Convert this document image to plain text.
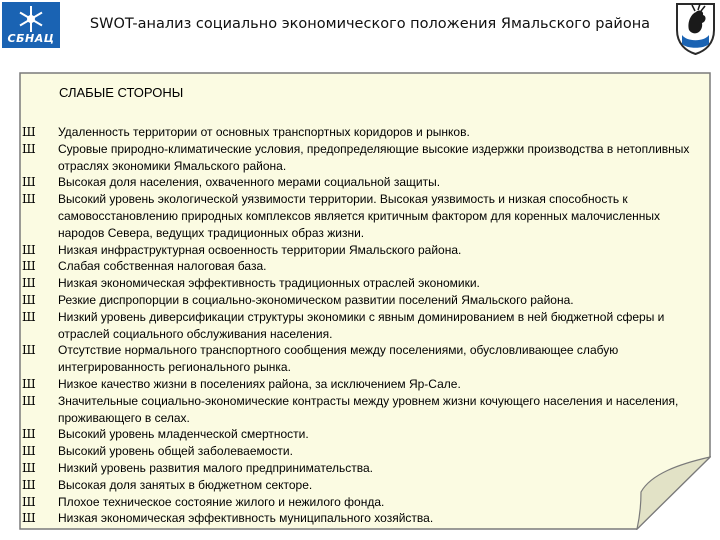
СБНАЦ
SWOT-анализ социально экономического положения Ямальского района
СЛАБЫЕ СТОРОНЫ
Ш Удаленность территории от основных транспортных коридоров и рынков.
Ш Суровые природно-климатические условия, предопределяющие высокие издержки производства в нетопливных отраслях экономики Ямальского района.
Ш Высокая доля населения, охваченного мерами социальной защиты.
Ш Высокий уровень экологической уязвимости территории. Высокая уязвимость и низкая способность к самовосстановлению природных комплексов является критичным фактором для коренных малочисленных народов Севера, ведущих традиционных образ жизни.
Ш Низкая инфраструктурная освоенность территории Ямальского района.
Ш Слабая собственная налоговая база.
Ш Низкая экономическая эффективность традиционных отраслей экономики.
Ш Резкие диспропорции в социально-экономическом развитии поселений Ямальского района.
Ш Низкий уровень диверсификации структуры экономики с явным доминированием в ней бюджетной сферы и отраслей социального обслуживания населения.
Ш Отсутствие нормального транспортного сообщения между поселениями, обусловливающее слабую интегрированность регионального рынка.
Ш Низкое качество жизни в поселениях района, за исключением Яр-Сале.
Ш Значительные социально-экономические контрасты между уровнем жизни кочующего населения и населения, проживающего в селах.
Ш Высокий уровень младенческой смертности.
Ш Высокий уровень общей заболеваемости.
Ш Низкий уровень развития малого предпринимательства.
Ш Высокая доля занятых в бюджетном секторе.
Ш Плохое техническое состояние жилого и нежилого фонда.
Ш Низкая экономическая эффективность муниципального хозяйства.
